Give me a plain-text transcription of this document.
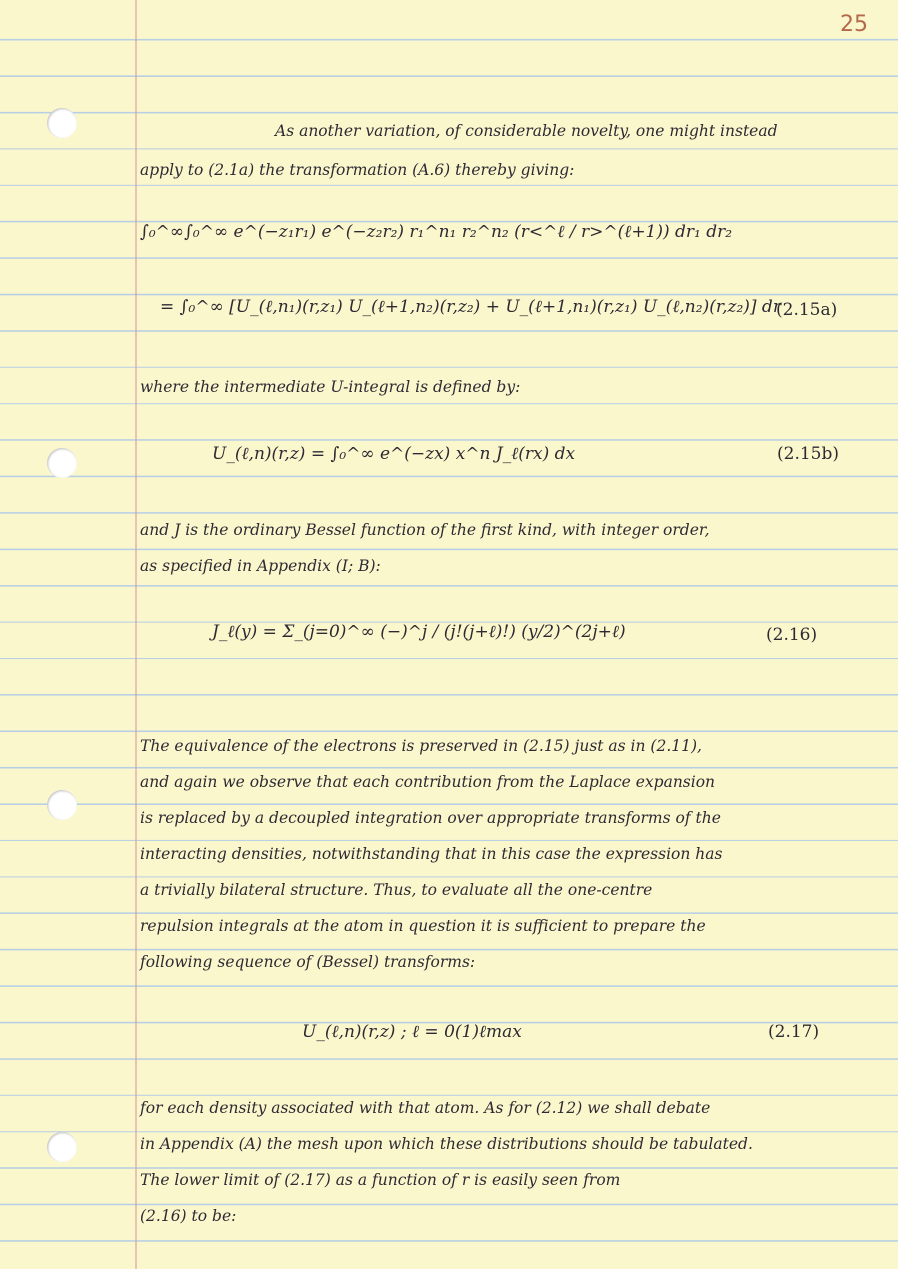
25
As another variation, of considerable novelty, one might instead
apply to (2.1a) the transformation (A.6) thereby giving:
∫₀^∞∫₀^∞ e^(−z₁r₁) e^(−z₂r₂) r₁^n₁ r₂^n₂ (r<^ℓ / r>^(ℓ+1)) dr₁ dr₂
= ∫₀^∞ [U_(ℓ,n₁)(r,z₁) U_(ℓ+1,n₂)(r,z₂) + U_(ℓ+1,n₁)(r,z₁) U_(ℓ,n₂)(r,z₂)] dr
(2.15a)
where the intermediate U-integral is defined by:
U_(ℓ,n)(r,z) = ∫₀^∞ e^(−zx) x^n J_ℓ(rx) dx	(2.15b)
and J is the ordinary Bessel function of the first kind, with integer order,
as specified in Appendix (I; B):
J_ℓ(y) = Σ_(j=0)^∞ (−)^j / (j!(j+ℓ)!) (y/2)^(2j+ℓ)	(2.16)
The equivalence of the electrons is preserved in (2.15) just as in (2.11),
and again we observe that each contribution from the Laplace expansion
is replaced by a decoupled integration over appropriate transforms of the
interacting densities, notwithstanding that in this case the expression has
a trivially bilateral structure. Thus, to evaluate all the one-centre
repulsion integrals at the atom in question it is sufficient to prepare the
following sequence of (Bessel) transforms:
U_(ℓ,n)(r,z) ; ℓ = 0(1)ℓmax	(2.17)
for each density associated with that atom. As for (2.12) we shall debate
in Appendix (A) the mesh upon which these distributions should be tabulated.
The lower limit of (2.17) as a function of r is easily seen from
(2.16) to be:
